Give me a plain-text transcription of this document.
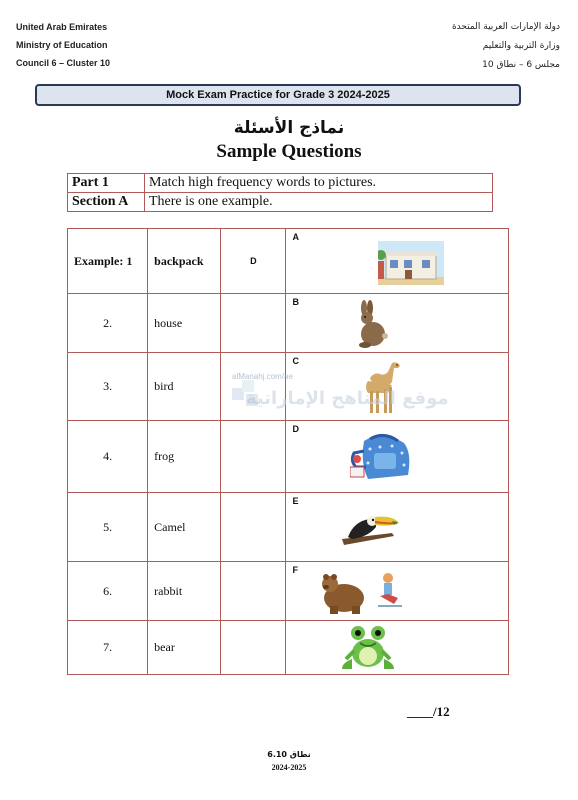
United Arab Emirates
Ministry of Education
Council 6 – Cluster 10
دولة الإمارات العربية المتحدة
وزارة التربية والتعليم
مجلس 6 – نطاق 10
Mock Exam Practice for Grade 3 2024-2025
نماذج الأسئلة
Sample Questions
Part 1	Match high frequency words to pictures.
Section A	There is one example.
Example: 1	backpack	D	A

2.	house		B

3.	bird		C

4.	frog		D

5.	Camel		E

6.	rabbit		F

7.	bear		
alManahj.com/ae
موقع المناهج الإماراتية
____/12
نطاق 6.10
2024-2025
